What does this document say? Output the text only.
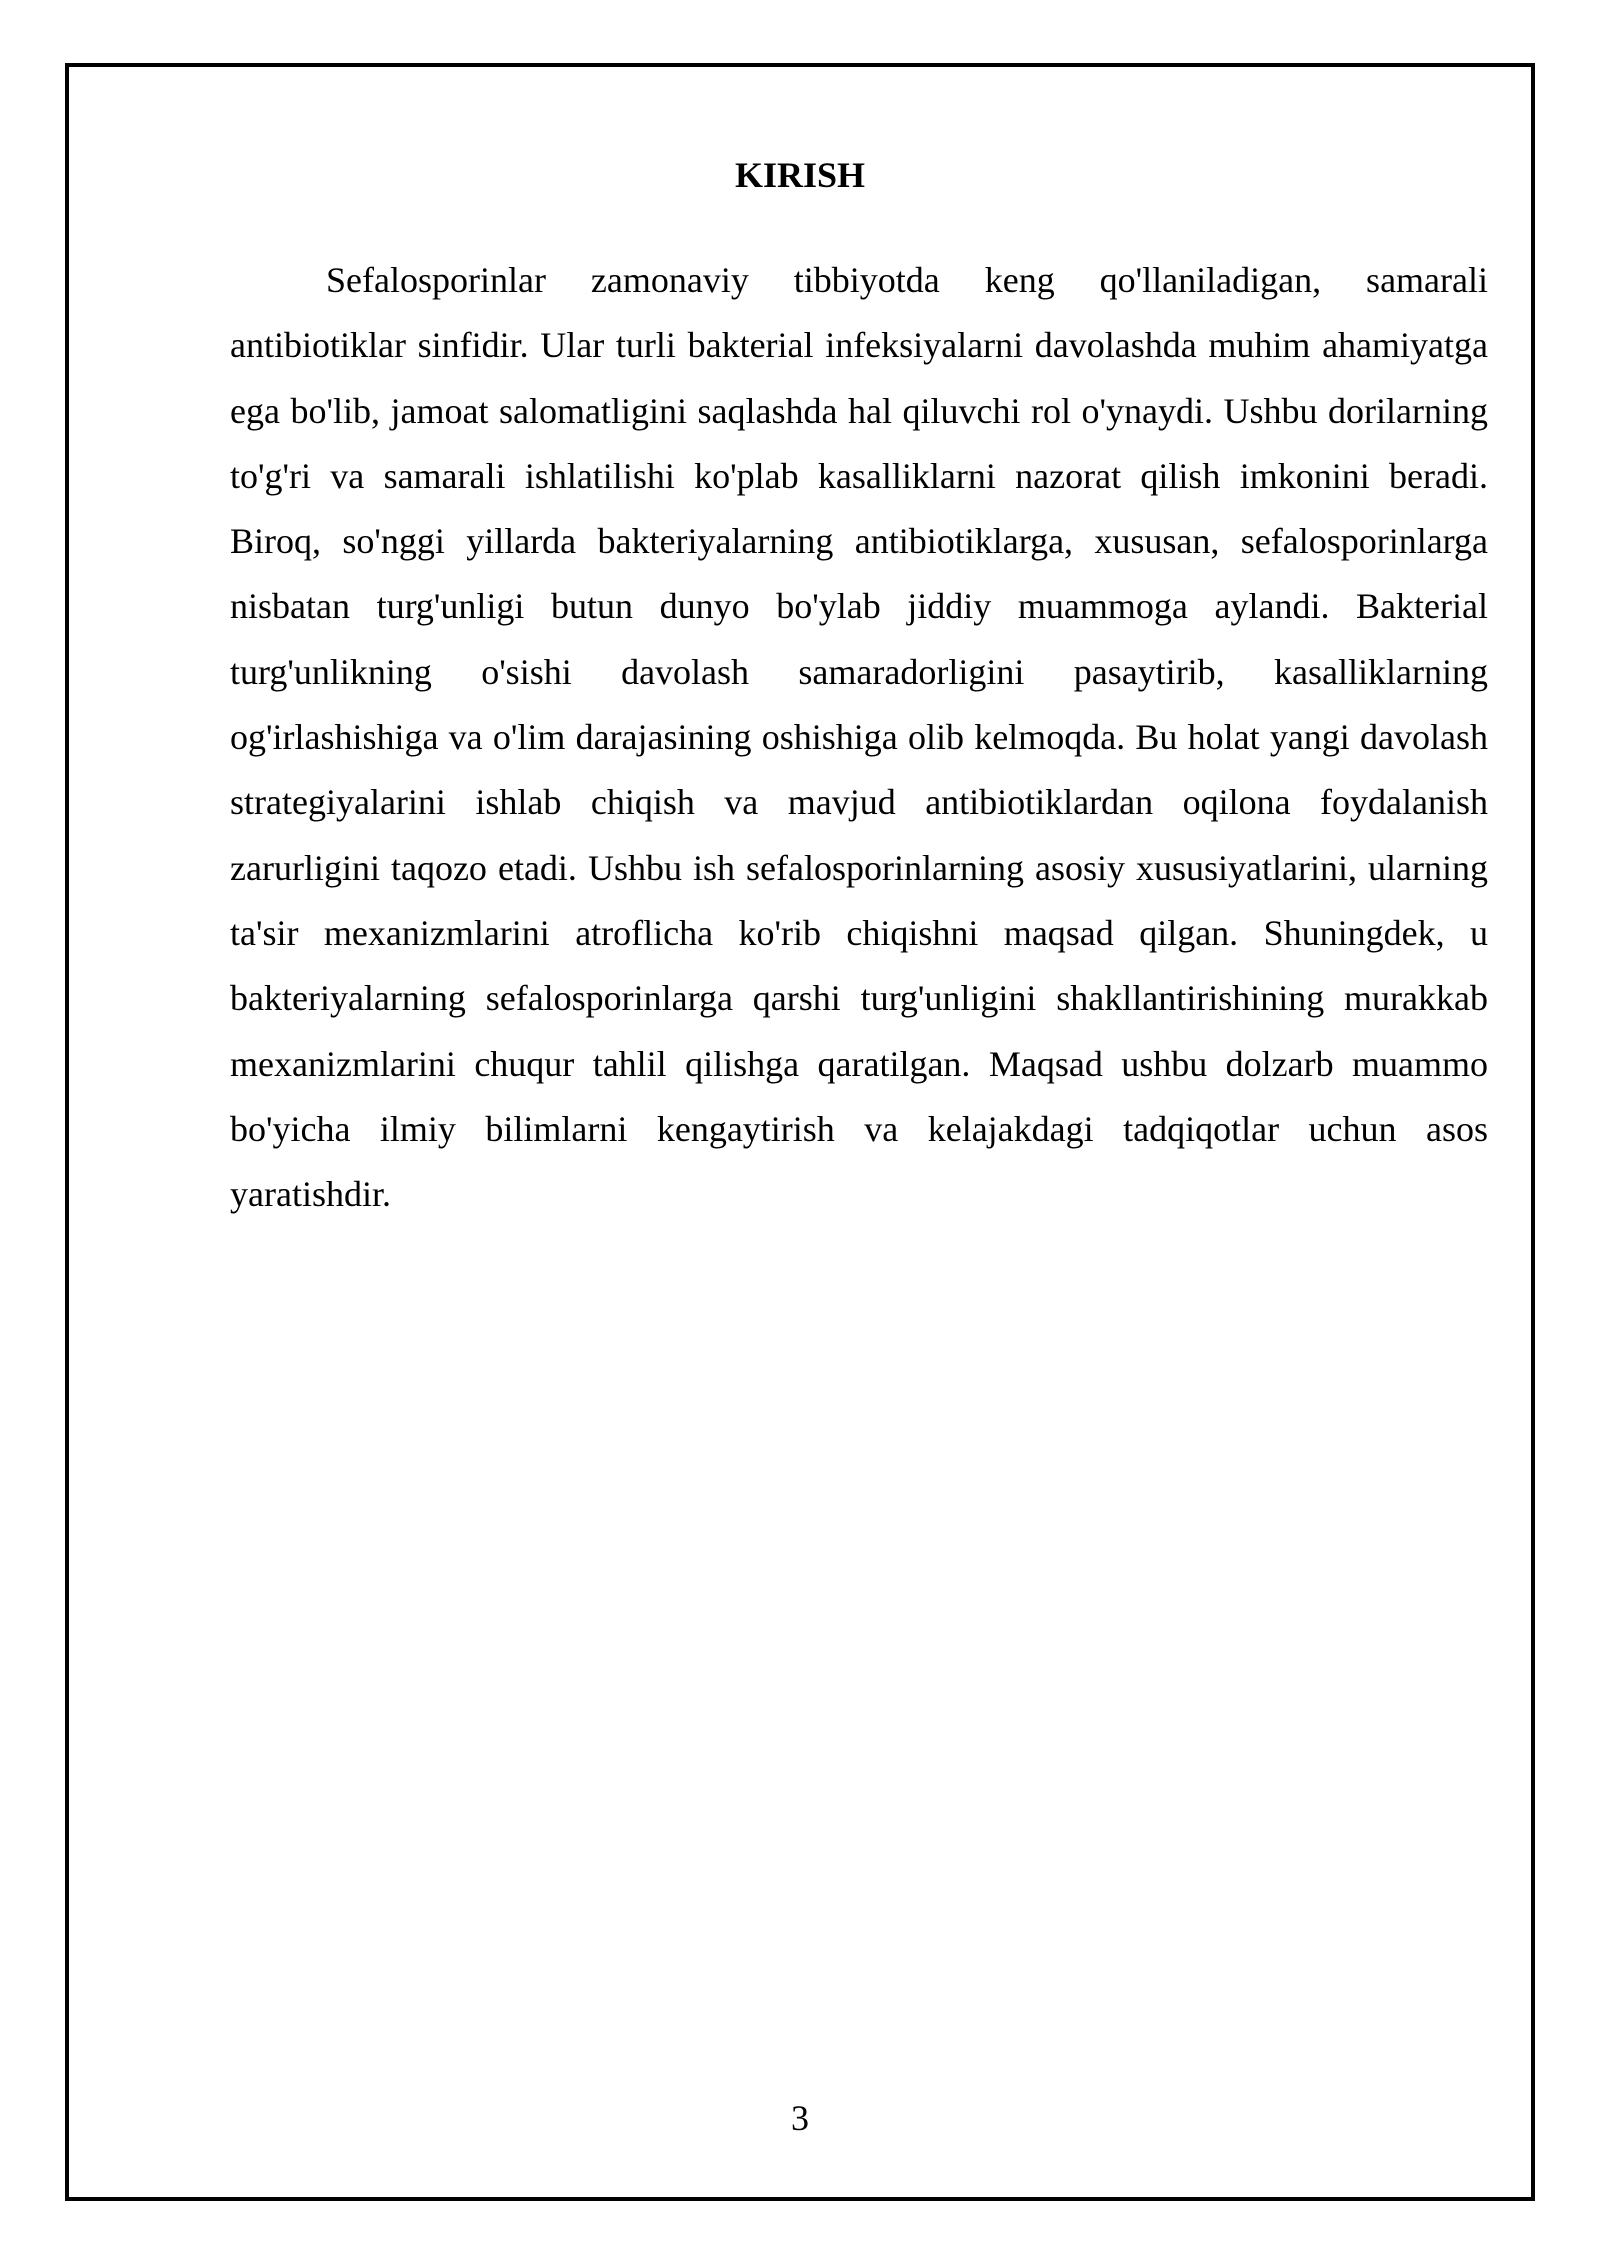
KIRISH

Sefalosporinlar zamonaviy tibbiyotda keng qo'llaniladigan, samarali antibiotiklar sinfidir. Ular turli bakterial infeksiyalarni davolashda muhim ahamiyatga ega bo'lib, jamoat salomatligini saqlashda hal qiluvchi rol o'ynaydi. Ushbu dorilarning to'g'ri va samarali ishlatilishi ko'plab kasalliklarni nazorat qilish imkonini beradi. Biroq, so'nggi yillarda bakteriyalarning antibiotiklarga, xususan, sefalosporinlarga nisbatan turg'unligi butun dunyo bo'ylab jiddiy muammoga aylandi. Bakterial turg'unlikning o'sishi davolash samaradorligini pasaytirib, kasalliklarning og'irlashishiga va o'lim darajasining oshishiga olib kelmoqda. Bu holat yangi davolash strategiyalarini ishlab chiqish va mavjud antibiotiklardan oqilona foydalanish zarurligini taqozo etadi. Ushbu ish sefalosporinlarning asosiy xususiyatlarini, ularning ta'sir mexanizmlarini atroflicha ko'rib chiqishni maqsad qilgan. Shuningdek, u bakteriyalarning sefalosporinlarga qarshi turg'unligini shakllantirishining murakkab mexanizmlarini chuqur tahlil qilishga qaratilgan. Maqsad ushbu dolzarb muammo bo'yicha ilmiy bilimlarni kengaytirish va kelajakdagi tadqiqotlar uchun asos yaratishdir.

3
